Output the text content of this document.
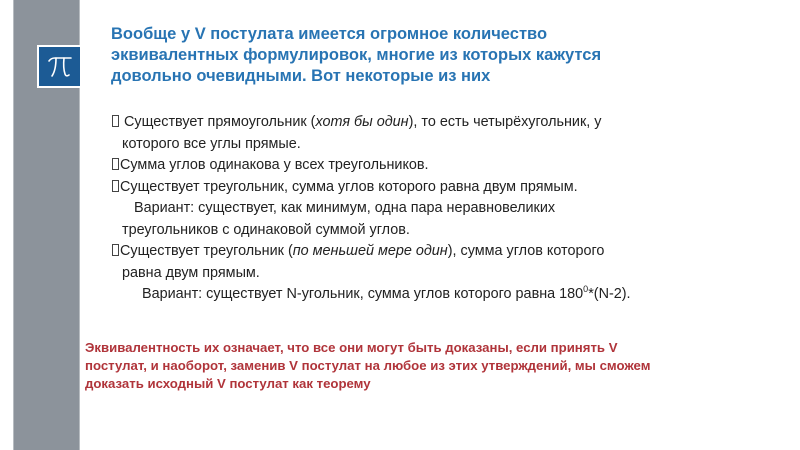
Вообще у V постулата имеется огромное количество
эквивалентных формулировок, многие из которых кажутся
довольно очевидными. Вот некоторые из них
Существует прямоугольник (хотя бы один), то есть четырёхугольник, у
которого все углы прямые.
Сумма углов одинакова у всех треугольников.
Существует треугольник, сумма углов которого равна двум прямым.
Вариант: существует, как минимум, одна пара неравновеликих
треугольников с одинаковой суммой углов.
Существует треугольник (по меньшей мере один), сумма углов которого
равна двум прямым.
Вариант: существует N-угольник, сумма углов которого равна $180^0*(N-2)$.
Эквивалентность их означает, что все они могут быть доказаны, если принять V
постулат, и наоборот, заменив V постулат на любое из этих утверждений, мы сможем
доказать исходный V постулат как теорему
